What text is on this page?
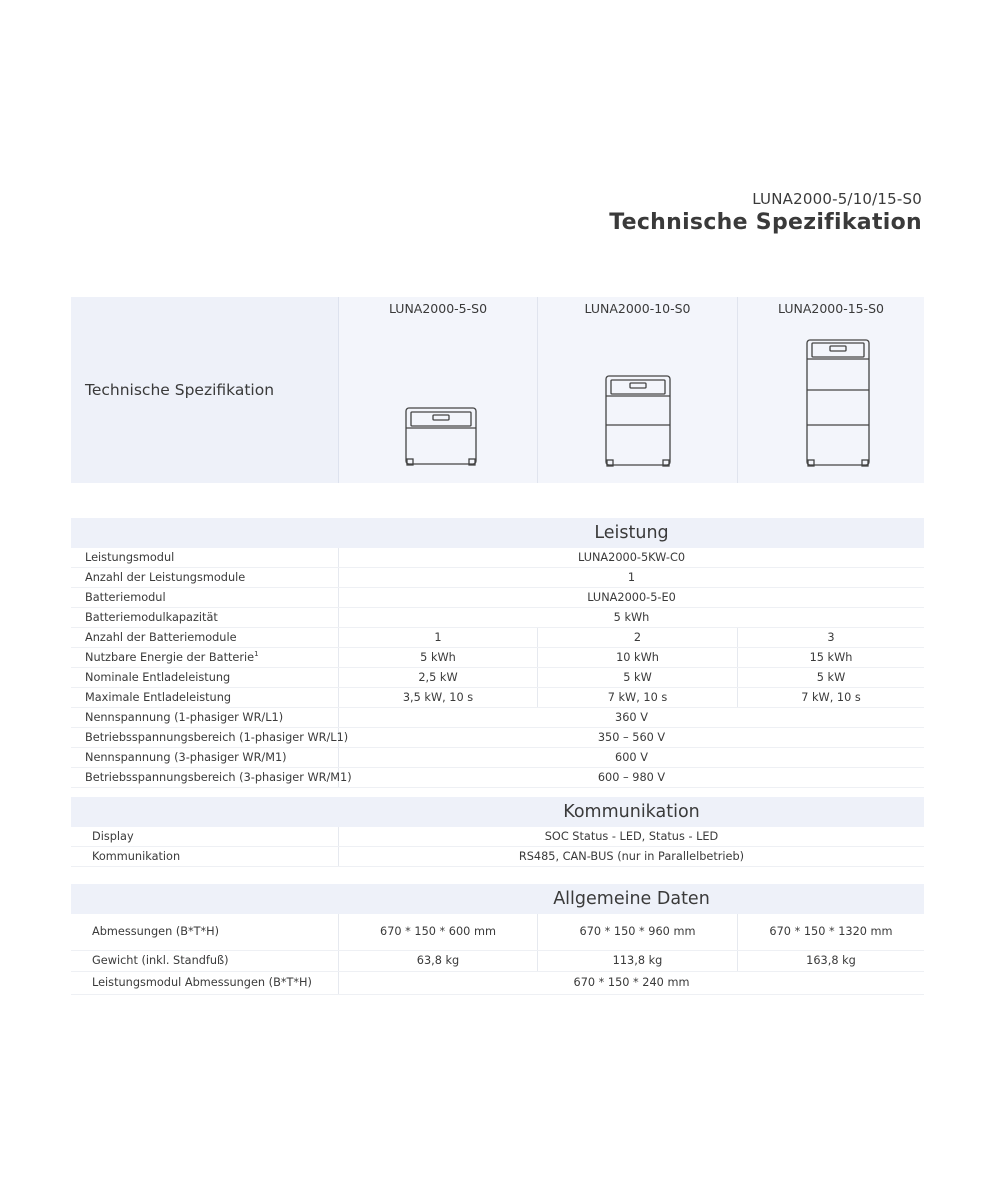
LUNA2000-5/10/15-S0
Technische Spezifikation
Technische Spezifikation
LUNA2000-5-S0	LUNA2000-10-S0	LUNA2000-15-S0
Leistung
Leistungsmodul	LUNA2000-5KW-C0
Anzahl der Leistungsmodule	1
Batteriemodul	LUNA2000-5-E0
Batteriemodulkapazität	5 kWh
Anzahl der Batteriemodule	1	2	3
Nutzbare Energie der Batterie$^1$	5 kWh	10 kWh	15 kWh
Nominale Entladeleistung	2,5 kW	5 kW	5 kW
Maximale Entladeleistung	3,5 kW, 10 s	7 kW, 10 s	7 kW, 10 s
Nennspannung (1-phasiger WR/L1)	360 V
Betriebsspannungsbereich (1-phasiger WR/L1)	350 – 560 V
Nennspannung (3-phasiger WR/M1)	600 V
Betriebsspannungsbereich (3-phasiger WR/M1)	600 – 980 V
Kommunikation
Display	SOC Status - LED, Status - LED
Kommunikation	RS485, CAN-BUS (nur in Parallelbetrieb)
Allgemeine Daten
Abmessungen (B*T*H)	670 * 150 * 600 mm	670 * 150 * 960 mm	670 * 150 * 1320 mm
Gewicht (inkl. Standfuß)	63,8 kg	113,8 kg	163,8 kg
Leistungsmodul Abmessungen (B*T*H)	670 * 150 * 240 mm
